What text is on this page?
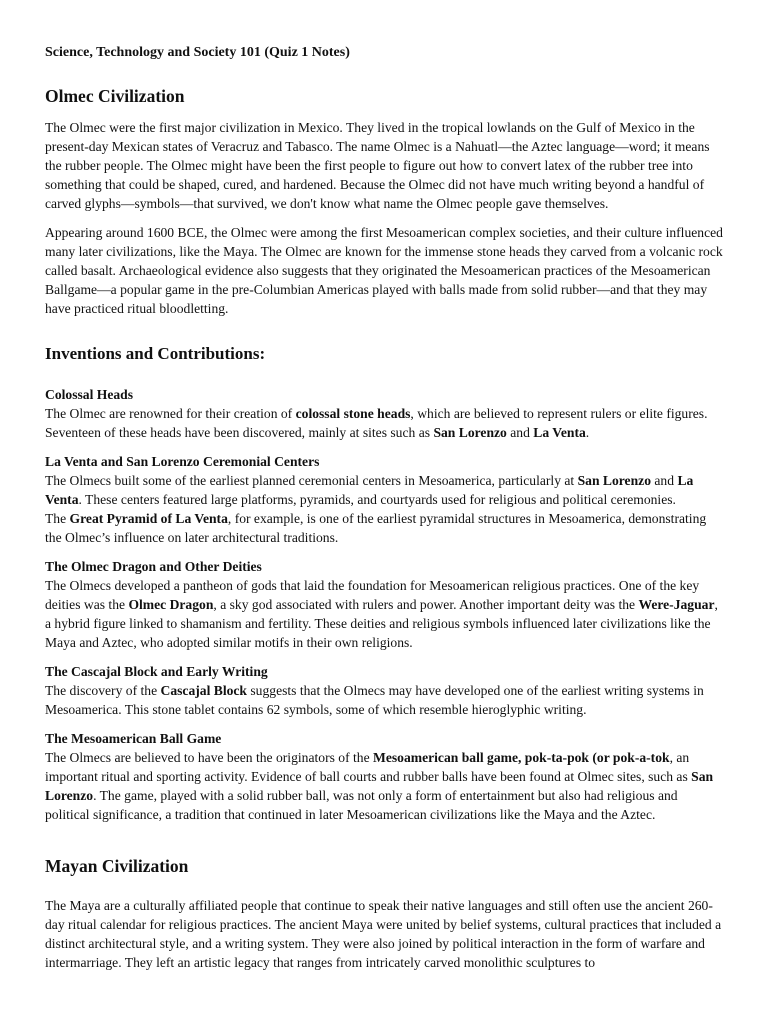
Science, Technology and Society 101 (Quiz 1 Notes)
Olmec Civilization

The Olmec were the first major civilization in Mexico. They lived in the tropical lowlands on the Gulf of Mexico in the present-day Mexican states of Veracruz and Tabasco. The name Olmec is a Nahuatl—the Aztec language—word; it means the rubber people. The Olmec might have been the first people to figure out how to convert latex of the rubber tree into something that could be shaped, cured, and hardened. Because the Olmec did not have much writing beyond a handful of carved glyphs—symbols—that survived, we don't know what name the Olmec people gave themselves.

Appearing around 1600 BCE, the Olmec were among the first Mesoamerican complex societies, and their culture influenced many later civilizations, like the Maya. The Olmec are known for the immense stone heads they carved from a volcanic rock called basalt. Archaeological evidence also suggests that they originated the Mesoamerican practices of the Mesoamerican Ballgame—a popular game in the pre-Columbian Americas played with balls made from solid rubber—and that they may have practiced ritual bloodletting.

Inventions and Contributions:
Colossal Heads
The Olmec are renowned for their creation of colossal stone heads, which are believed to represent rulers or elite figures. Seventeen of these heads have been discovered, mainly at sites such as San Lorenzo and La Venta.
La Venta and San Lorenzo Ceremonial Centers
The Olmecs built some of the earliest planned ceremonial centers in Mesoamerica, particularly at San Lorenzo and La Venta. These centers featured large platforms, pyramids, and courtyards used for religious and political ceremonies.
The Great Pyramid of La Venta, for example, is one of the earliest pyramidal structures in Mesoamerica, demonstrating the Olmec’s influence on later architectural traditions.
The Olmec Dragon and Other Deities
The Olmecs developed a pantheon of gods that laid the foundation for Mesoamerican religious practices. One of the key deities was the Olmec Dragon, a sky god associated with rulers and power. Another important deity was the Were-Jaguar, a hybrid figure linked to shamanism and fertility. These deities and religious symbols influenced later civilizations like the Maya and Aztec, who adopted similar motifs in their own religions.
The Cascajal Block and Early Writing
The discovery of the Cascajal Block suggests that the Olmecs may have developed one of the earliest writing systems in Mesoamerica. This stone tablet contains 62 symbols, some of which resemble hieroglyphic writing.
The Mesoamerican Ball Game
The Olmecs are believed to have been the originators of the Mesoamerican ball game, pok-ta-pok (or pok-a-tok, an important ritual and sporting activity. Evidence of ball courts and rubber balls have been found at Olmec sites, such as San Lorenzo. The game, played with a solid rubber ball, was not only a form of entertainment but also had religious and political significance, a tradition that continued in later Mesoamerican civilizations like the Maya and the Aztec.
Mayan Civilization

The Maya are a culturally affiliated people that continue to speak their native languages and still often use the ancient 260-day ritual calendar for religious practices. The ancient Maya were united by belief systems, cultural practices that included a distinct architectural style, and a writing system. They were also joined by political interaction in the form of warfare and intermarriage. They left an artistic legacy that ranges from intricately carved monolithic sculptures to
